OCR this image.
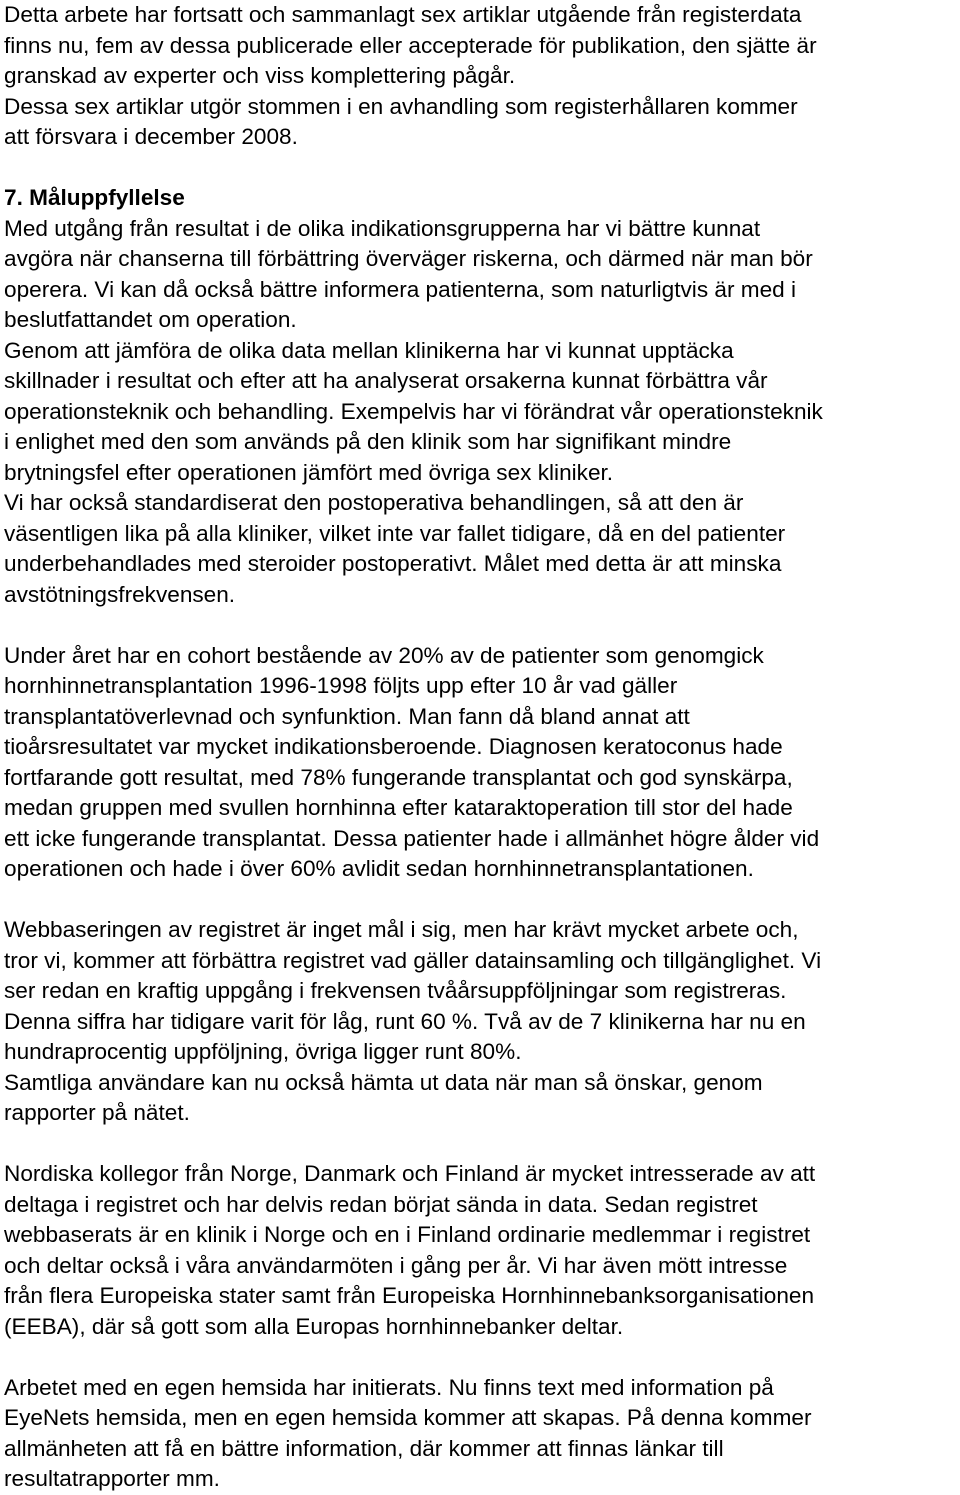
Detta arbete har fortsatt och sammanlagt sex artiklar utgående från registerdata
finns nu, fem av dessa publicerade eller accepterade för publikation, den sjätte är
granskad av experter och viss komplettering pågår.
Dessa sex artiklar utgör stommen i en avhandling som registerhållaren kommer
att försvara i december 2008.
7. Måluppfyllelse
Med utgång från resultat i de olika indikationsgrupperna har vi bättre kunnat
avgöra när chanserna till förbättring överväger riskerna, och därmed när man bör
operera. Vi kan då också bättre informera patienterna, som naturligtvis är med i
beslutfattandet om operation.
Genom att jämföra de olika data mellan klinikerna har vi kunnat upptäcka
skillnader i resultat och efter att ha analyserat orsakerna kunnat förbättra vår
operationsteknik och behandling. Exempelvis har vi förändrat vår operationsteknik
i enlighet med den som används på den klinik som har signifikant mindre
brytningsfel efter operationen jämfört med övriga sex kliniker.
Vi har också standardiserat den postoperativa behandlingen, så att den är
väsentligen lika på alla kliniker, vilket inte var fallet tidigare, då en del patienter
underbehandlades med steroider postoperativt. Målet med detta är att minska
avstötningsfrekvensen.
Under året har en cohort bestående av 20% av de patienter som genomgick
hornhinnetransplantation 1996-1998 följts upp efter 10 år vad gäller
transplantatöverlevnad och synfunktion. Man fann då bland annat att
tioårsresultatet var mycket indikationsberoende. Diagnosen keratoconus hade
fortfarande gott resultat, med 78% fungerande transplantat och god synskärpa,
medan gruppen med svullen hornhinna efter kataraktoperation till stor del hade
ett icke fungerande transplantat. Dessa patienter hade i allmänhet högre ålder vid
operationen och hade i över 60% avlidit sedan hornhinnetransplantationen.
Webbaseringen av registret är inget mål i sig, men har krävt mycket arbete och,
tror vi, kommer att förbättra registret vad gäller datainsamling och tillgänglighet. Vi
ser redan en kraftig uppgång i frekvensen tvåårsuppföljningar som registreras.
Denna siffra har tidigare varit för låg, runt 60 %. Två av de 7 klinikerna har nu en
hundraprocentig uppföljning, övriga ligger runt 80%.
Samtliga användare kan nu också hämta ut data när man så önskar, genom
rapporter på nätet.
Nordiska kollegor från Norge, Danmark och Finland är mycket intresserade av att
deltaga i registret och har delvis redan börjat sända in data. Sedan registret
webbaserats är en klinik i Norge och en i Finland ordinarie medlemmar i registret
och deltar också i våra användarmöten i gång per år. Vi har även mött intresse
från flera Europeiska stater samt från Europeiska Hornhinnebanksorganisationen
(EEBA), där så gott som alla Europas hornhinnebanker deltar.
Arbetet med en egen hemsida har initierats. Nu finns text med information på
EyeNets hemsida, men en egen hemsida kommer att skapas. På denna kommer
allmänheten att få en bättre information, där kommer att finnas länkar till
resultatrapporter mm.
